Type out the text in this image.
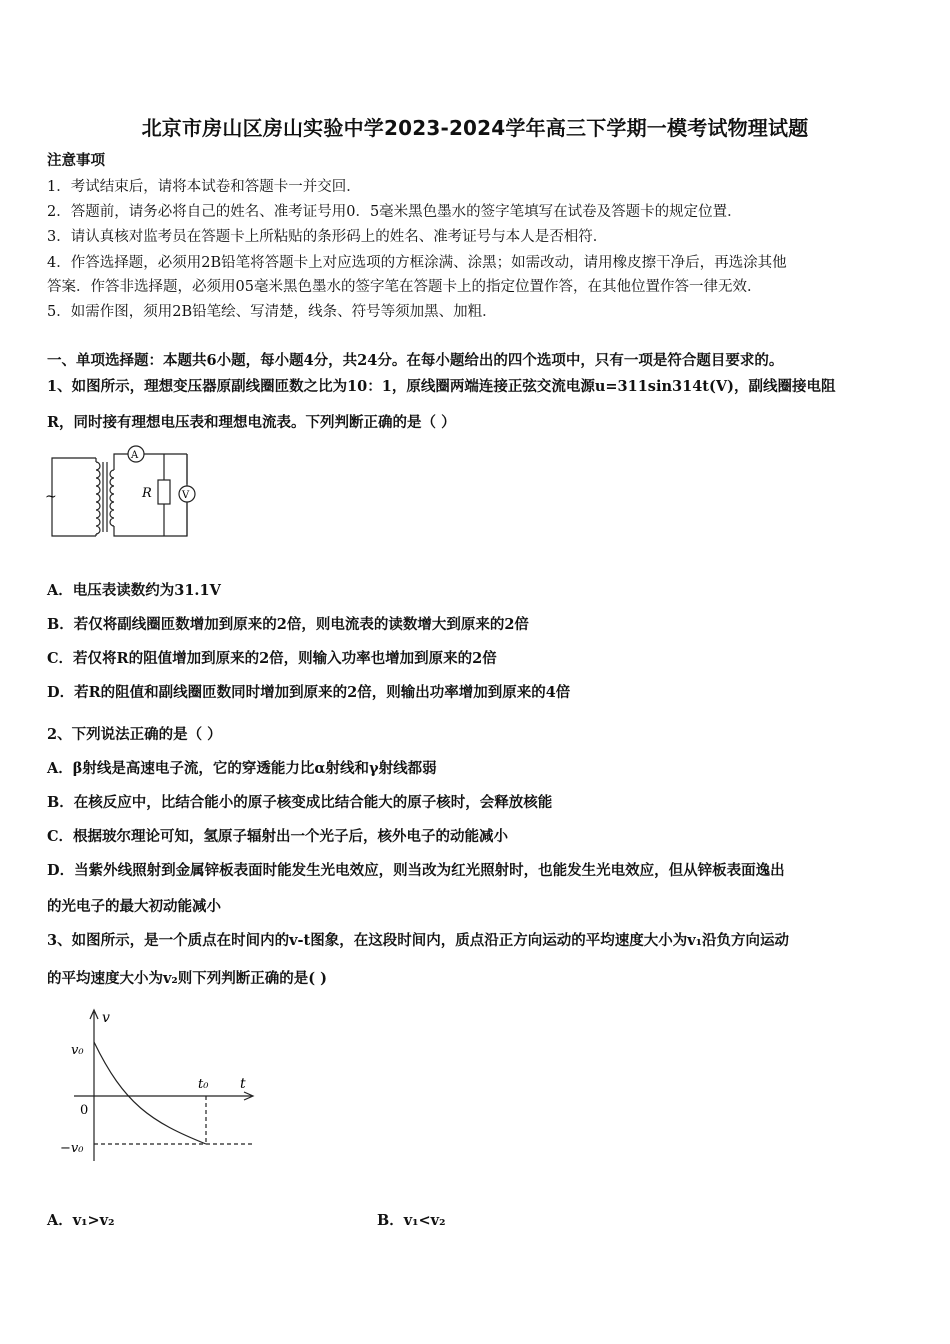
北京市房山区房山实验中学2023-2024学年高三下学期一模考试物理试题
注意事项
1．考试结束后，请将本试卷和答题卡一并交回．
2．答题前，请务必将自己的姓名、准考证号用0．5毫米黑色墨水的签字笔填写在试卷及答题卡的规定位置．
3．请认真核对监考员在答题卡上所粘贴的条形码上的姓名、准考证号与本人是否相符．
4．作答选择题，必须用2B铅笔将答题卡上对应选项的方框涂满、涂黑；如需改动，请用橡皮擦干净后，再选涂其他
答案．作答非选择题，必须用05毫米黑色墨水的签字笔在答题卡上的指定位置作答，在其他位置作答一律无效．
5．如需作图，须用2B铅笔绘、写清楚，线条、符号等须加黑、加粗．
一、单项选择题：本题共6小题，每小题4分，共24分。在每小题给出的四个选项中，只有一项是符合题目要求的。
1、如图所示，理想变压器原副线圈匝数之比为10：1，原线圈两端连接正弦交流电源u=311sin314t(V)，副线圈接电阻
R，同时接有理想电压表和理想电流表。下列判断正确的是（ ）
~
A
V
R
A．电压表读数约为31.1V
B．若仅将副线圈匝数增加到原来的2倍，则电流表的读数增大到原来的2倍
C．若仅将R的阻值增加到原来的2倍，则输入功率也增加到原来的2倍
D．若R的阻值和副线圈匝数同时增加到原来的2倍，则输出功率增加到原来的4倍
2、下列说法正确的是（ ）
A．β射线是高速电子流，它的穿透能力比α射线和γ射线都弱
B．在核反应中，比结合能小的原子核变成比结合能大的原子核时，会释放核能
C．根据玻尔理论可知，氢原子辐射出一个光子后，核外电子的动能减小
D．当紫外线照射到金属锌板表面时能发生光电效应，则当改为红光照射时，也能发生光电效应，但从锌板表面逸出
的光电子的最大初动能减小
3、如图所示，是一个质点在时间内的v-t图象，在这段时间内，质点沿正方向运动的平均速度大小为v₁沿负方向运动
的平均速度大小为v₂则下列判断正确的是( )
v
t
v₀
t₀
0
−v₀
A．v₁>v₂	B．v₁<v₂
